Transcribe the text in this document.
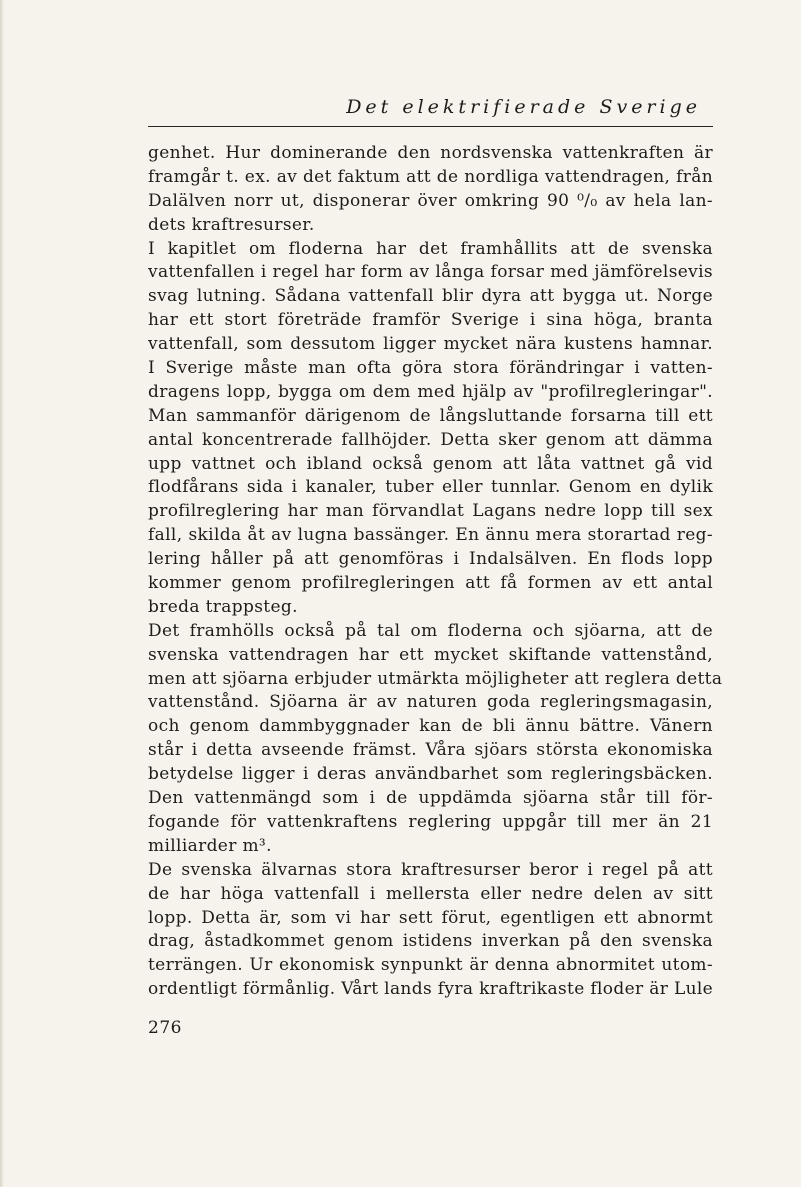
Det elektrifierade Sverige
genhet. Hur dominerande den nordsvenska vattenkraften är
framgår t. ex. av det faktum att de nordliga vattendragen, från
Dalälven norr ut, disponerar över omkring 90 ⁰/₀ av hela lan-
dets kraftresurser.
I kapitlet om floderna har det framhållits att de svenska
vattenfallen i regel har form av långa forsar med jämförelsevis
svag lutning. Sådana vattenfall blir dyra att bygga ut. Norge
har ett stort företräde framför Sverige i sina höga, branta
vattenfall, som dessutom ligger mycket nära kustens hamnar.
I Sverige måste man ofta göra stora förändringar i vatten-
dragens lopp, bygga om dem med hjälp av "profilregleringar".
Man sammanför därigenom de långsluttande forsarna till ett
antal koncentrerade fallhöjder. Detta sker genom att dämma
upp vattnet och ibland också genom att låta vattnet gå vid
flodfårans sida i kanaler, tuber eller tunnlar. Genom en dylik
profilreglering har man förvandlat Lagans nedre lopp till sex
fall, skilda åt av lugna bassänger. En ännu mera storartad reg-
lering håller på att genomföras i Indalsälven. En flods lopp
kommer genom profilregleringen att få formen av ett antal
breda trappsteg.
Det framhölls också på tal om floderna och sjöarna, att de
svenska vattendragen har ett mycket skiftande vattenstånd,
men att sjöarna erbjuder utmärkta möjligheter att reglera detta
vattenstånd. Sjöarna är av naturen goda regleringsmagasin,
och genom dammbyggnader kan de bli ännu bättre. Vänern
står i detta avseende främst. Våra sjöars största ekonomiska
betydelse ligger i deras användbarhet som regleringsbäcken.
Den vattenmängd som i de uppdämda sjöarna står till för-
fogande för vattenkraftens reglering uppgår till mer än 21
milliarder m³.
De svenska älvarnas stora kraftresurser beror i regel på att
de har höga vattenfall i mellersta eller nedre delen av sitt
lopp. Detta är, som vi har sett förut, egentligen ett abnormt
drag, åstadkommet genom istidens inverkan på den svenska
terrängen. Ur ekonomisk synpunkt är denna abnormitet utom-
ordentligt förmånlig. Vårt lands fyra kraftrikaste floder är Lule
276
